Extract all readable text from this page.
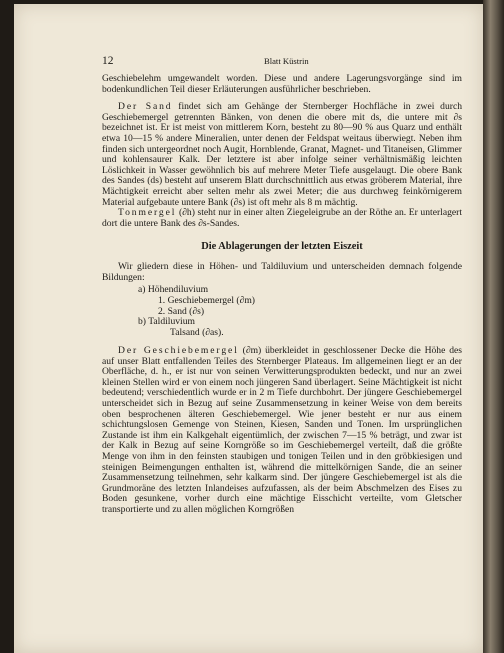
12	Blatt Küstrin

Geschiebelehm umgewandelt worden. Diese und andere Lagerungsvorgänge sind im bodenkundlichen Teil dieser Erläuterungen ausführlicher beschrieben.

Der Sand findet sich am Gehänge der Sternberger Hochfläche in zwei durch Geschiebemergel getrennten Bänken, von denen die obere mit ds, die untere mit ∂s bezeichnet ist. Er ist meist von mittlerem Korn, besteht zu 80—90 % aus Quarz und enthält etwa 10—15 % andere Mineralien, unter denen der Feldspat weitaus überwiegt. Neben ihm finden sich untergeordnet noch Augit, Hornblende, Granat, Magnet- und Titaneisen, Glimmer und kohlensaurer Kalk. Der letztere ist aber infolge seiner verhältnismäßig leichten Löslichkeit in Wasser gewöhnlich bis auf mehrere Meter Tiefe ausgelaugt. Die obere Bank des Sandes (ds) besteht auf unserem Blatt durchschnittlich aus etwas gröberem Material, ihre Mächtigkeit erreicht aber selten mehr als zwei Meter; die aus durchweg feinkörnigerem Material aufgebaute untere Bank (∂s) ist oft mehr als 8 m mächtig.

Tonmergel (∂h) steht nur in einer alten Ziegeleigrube an der Röthe an. Er unterlagert dort die untere Bank des ∂s-Sandes.

Die Ablagerungen der letzten Eiszeit

Wir gliedern diese in Höhen- und Taldiluvium und unterscheiden demnach folgende Bildungen:

a) Höhendiluvium
1. Geschiebemergel (∂m)
2. Sand (∂s)
b) Taldiluvium
Talsand (∂as).

Der Geschiebemergel (∂m) überkleidet in geschlossener Decke die Höhe des auf unser Blatt entfallenden Teiles des Sternberger Plateaus. Im allgemeinen liegt er an der Oberfläche, d. h., er ist nur von seinen Verwitterungsprodukten bedeckt, und nur an zwei kleinen Stellen wird er von einem noch jüngeren Sand überlagert. Seine Mächtigkeit ist nicht bedeutend; verschiedentlich wurde er in 2 m Tiefe durchbohrt. Der jüngere Geschiebemergel unterscheidet sich in Bezug auf seine Zusammensetzung in keiner Weise von dem bereits oben besprochenen älteren Geschiebemergel. Wie jener besteht er nur aus einem schichtungslosen Gemenge von Steinen, Kiesen, Sanden und Tonen. Im ursprünglichen Zustande ist ihm ein Kalkgehalt eigentümlich, der zwischen 7—15 % beträgt, und zwar ist der Kalk in Bezug auf seine Korngröße so im Geschiebemergel verteilt, daß die größte Menge von ihm in den feinsten staubigen und tonigen Teilen und in den gröbkiesigen und steinigen Beimengungen enthalten ist, während die mittelkörnigen Sande, die an seiner Zusammensetzung teilnehmen, sehr kalkarm sind. Der jüngere Geschiebemergel ist als die Grundmoräne des letzten Inlandeises aufzufassen, als der beim Abschmelzen des Eises zu Boden gesunkene, vorher durch eine mächtige Eisschicht verteilte, vom Gletscher transportierte und zu allen möglichen Korngrößen
